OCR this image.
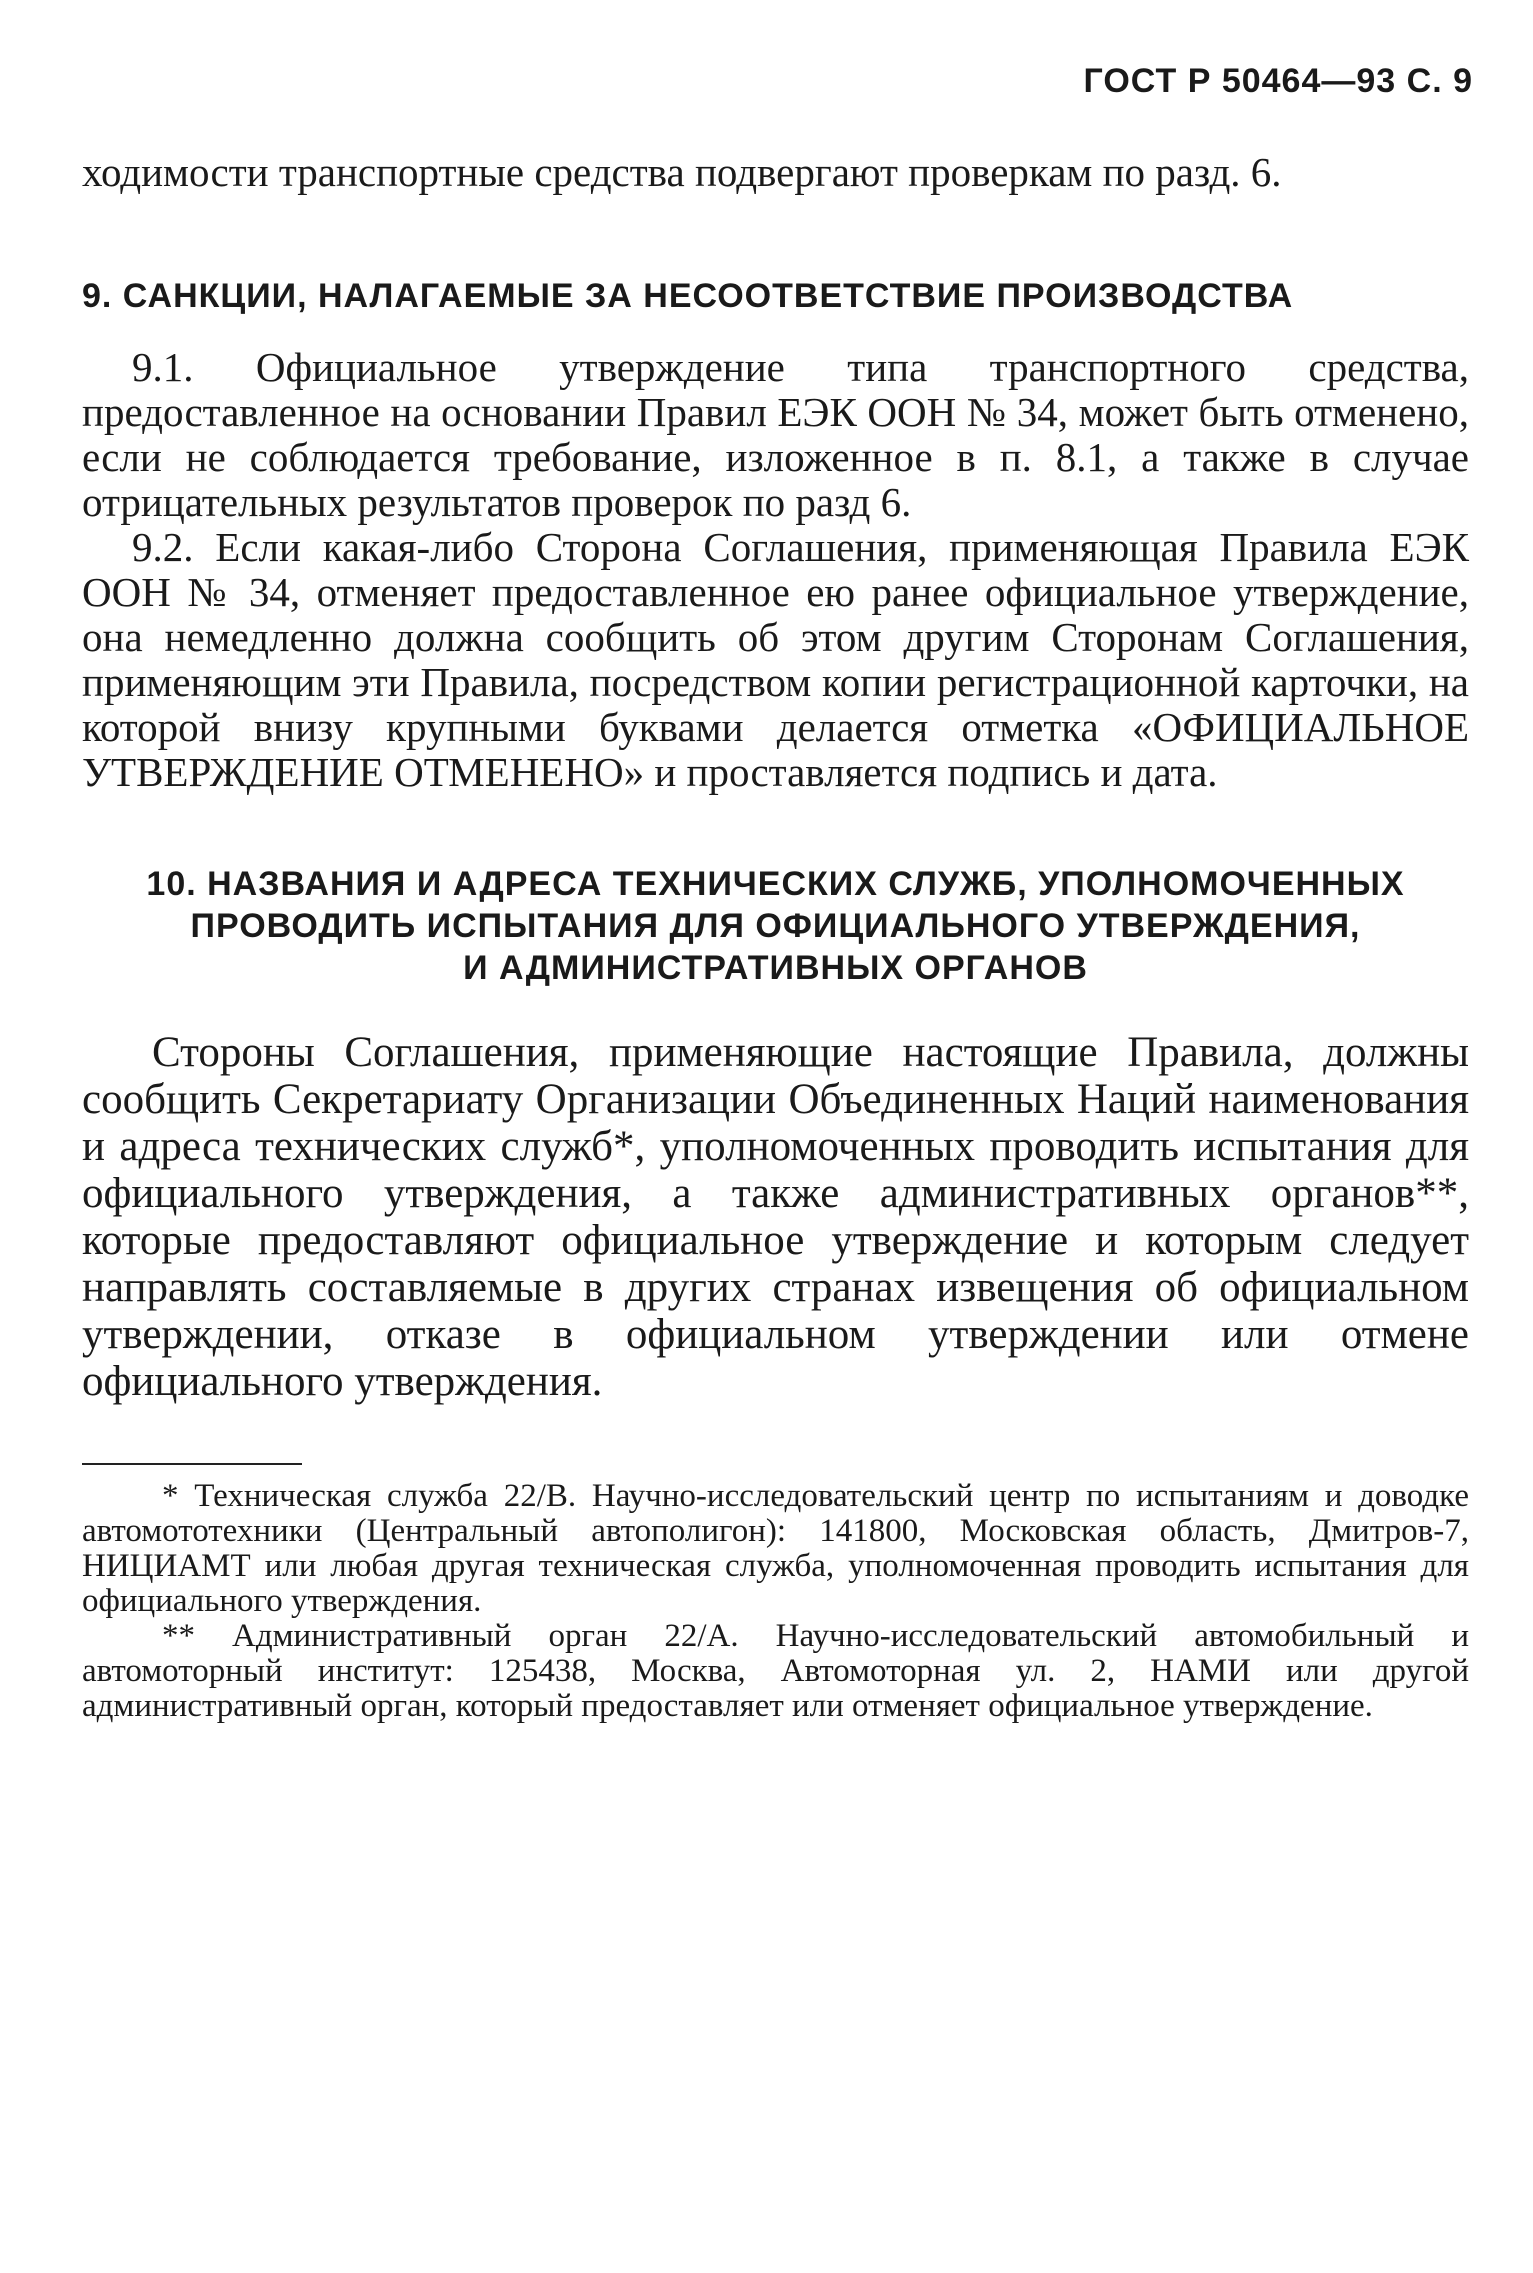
ГОСТ Р 50464—93 С. 9

ходимости транспортные средства подвергают проверкам по разд. 6.

9. САНКЦИИ, НАЛАГАЕМЫЕ ЗА НЕСООТВЕТСТВИЕ ПРОИЗВОДСТВА

9.1. Официальное утверждение типа транспортного средства, предоставленное на основании Правил ЕЭК ООН № 34, может быть отменено, если не соблюдается требование, изложенное в п. 8.1, а также в случае отрицательных результатов проверок по разд 6.

9.2. Если какая-либо Сторона Соглашения, применяющая Правила ЕЭК ООН № 34, отменяет предоставленное ею ранее официальное утверждение, она немедленно должна сообщить об этом другим Сторонам Соглашения, применяющим эти Правила, посредством копии регистрационной карточки, на которой внизу крупными буквами делается отметка «ОФИЦИАЛЬНОЕ УТВЕРЖДЕНИЕ ОТМЕНЕНО» и проставляется подпись и дата.

10. НАЗВАНИЯ И АДРЕСА ТЕХНИЧЕСКИХ СЛУЖБ, УПОЛНОМОЧЕННЫХ
ПРОВОДИТЬ ИСПЫТАНИЯ ДЛЯ ОФИЦИАЛЬНОГО УТВЕРЖДЕНИЯ,
И АДМИНИСТРАТИВНЫХ ОРГАНОВ

Стороны Соглашения, применяющие настоящие Правила, должны сообщить Секретариату Организации Объединенных Наций наименования и адреса технических служб*, уполномоченных проводить испытания для официального утверждения, а также административных органов**, которые предоставляют официальное утверждение и которым следует направлять составляемые в других странах извещения об официальном утверждении, отказе в официальном утверждении или отмене официального утверждения.

* Техническая служба 22/В. Научно-исследовательский центр по испытаниям и доводке автомототехники (Центральный автополигон): 141800, Московская область, Дмитров-7, НИЦИАМТ или любая другая техническая служба, уполномоченная проводить испытания для официального утверждения.

** Административный орган 22/А. Научно-исследовательский автомобильный и автомоторный институт: 125438, Москва, Автомоторная ул. 2, НАМИ или другой административный орган, который предоставляет или отменяет официальное утверждение.
